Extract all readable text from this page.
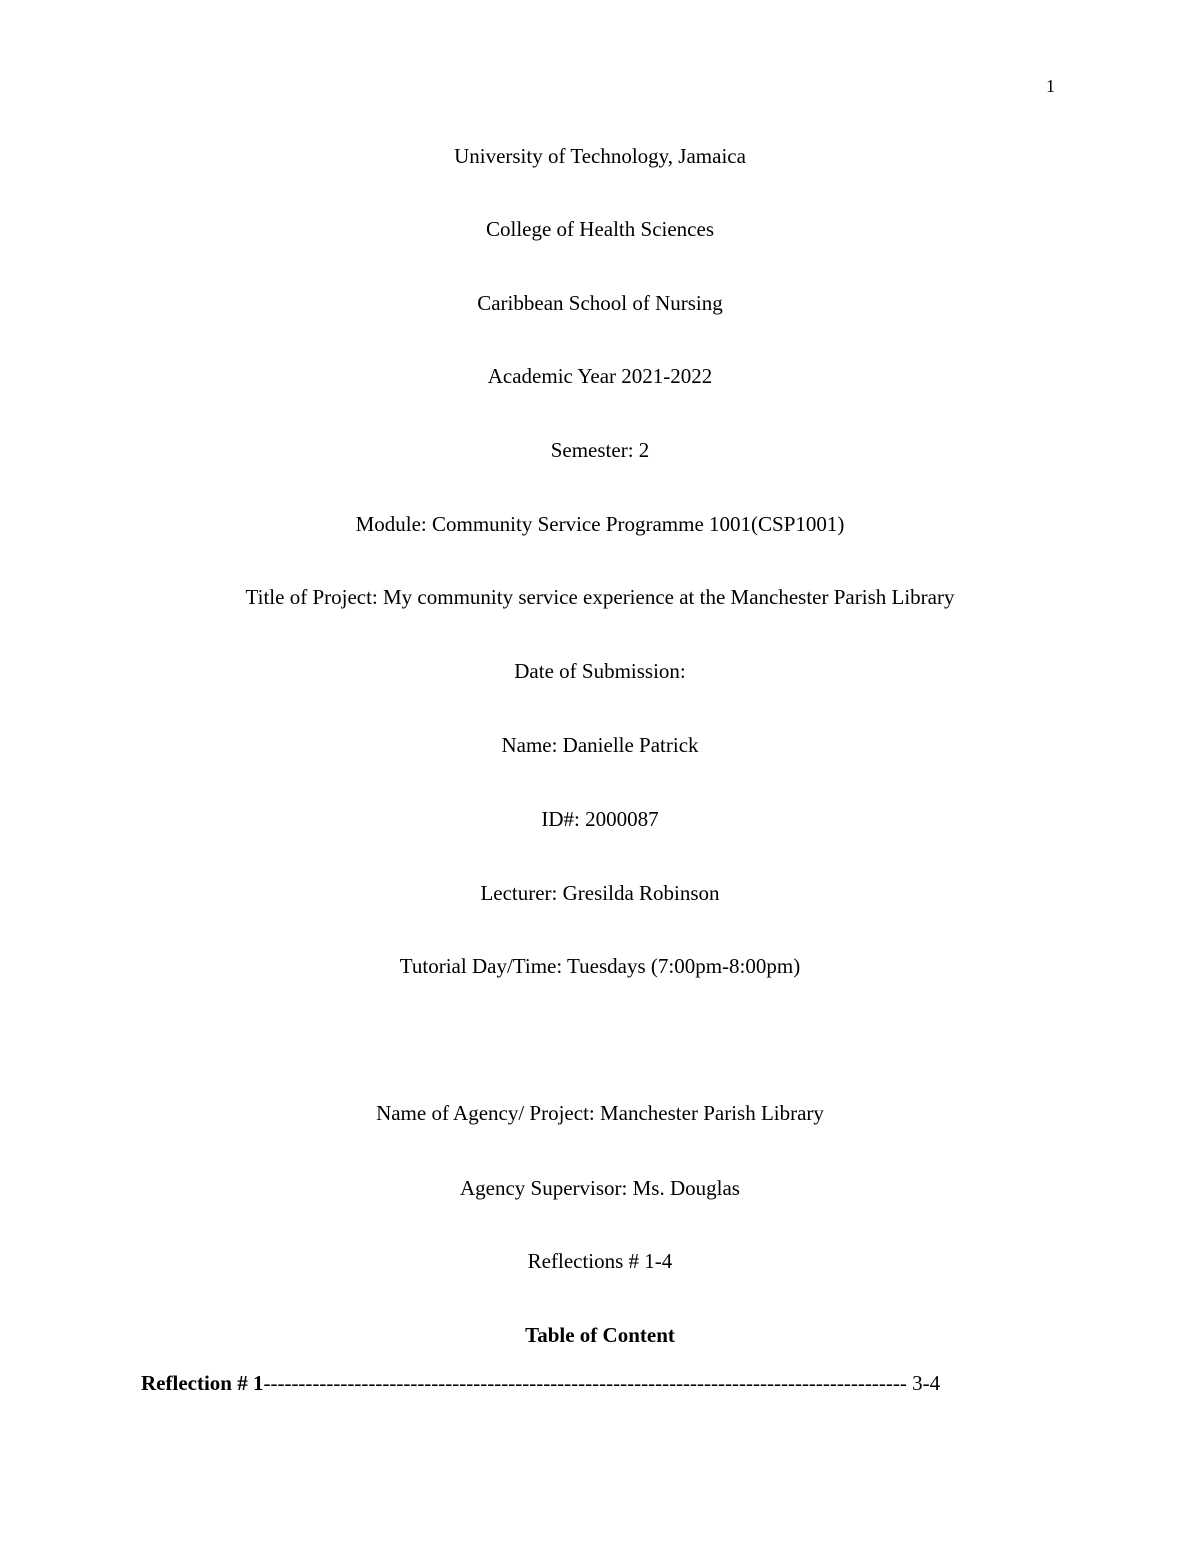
1
University of Technology, Jamaica
College of Health Sciences
Caribbean School of Nursing
Academic Year 2021-2022
Semester: 2
Module: Community Service Programme 1001(CSP1001)
Title of Project: My community service experience at the Manchester Parish Library
Date of Submission:
Name: Danielle Patrick
ID#: 2000087
Lecturer: Gresilda Robinson
Tutorial Day/Time: Tuesdays (7:00pm-8:00pm)
Name of Agency/ Project: Manchester Parish Library
Agency Supervisor: Ms. Douglas
Reflections # 1-4
Table of Content
Reflection # 1-------------------------------------------------------------------------------------------- 3-4
